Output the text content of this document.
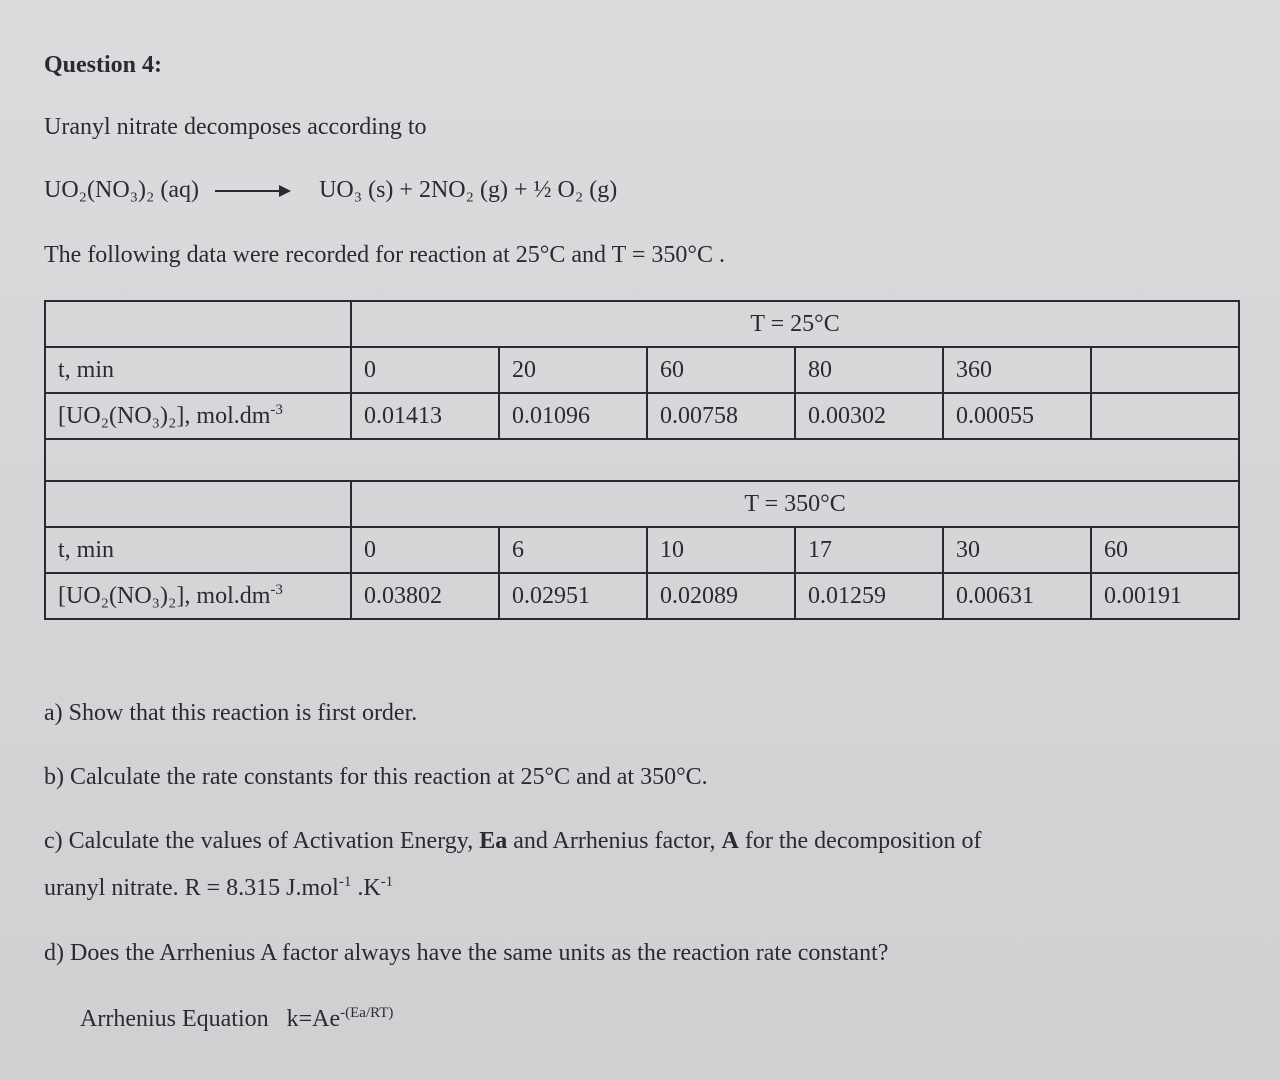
Question 4:
Uranyl nitrate decomposes according to
UO₂(NO₃)₂ (aq) → UO₃ (s) + 2NO₂ (g) + ½ O₂ (g)
The following data were recorded for reaction at 25°C and T = 350°C .
	T = 25°C					
t, min	0	20	60	80	360	
[UO₂(NO₃)₂], $mol.dm^{-3}$	0.01413	0.01096	0.00758	0.00302	0.00055	

	T = 350°C					
t, min	0	6	10	17	30	60
[UO₂(NO₃)₂], $mol.dm^{-3}$	0.03802	0.02951	0.02089	0.01259	0.00631	0.00191
a) Show that this reaction is first order.
b) Calculate the rate constants for this reaction at 25°C and at 350°C.
c) Calculate the values of Activation Energy, Ea and Arrhenius factor, A for the decomposition of
uranyl nitrate. R = 8.315 J.mol$^{-1}$ $.K^{-1}$
d) Does the Arrhenius A factor always have the same units as the reaction rate constant?
Arrhenius Equation $k=Ae^{-(Ea/RT)}$
